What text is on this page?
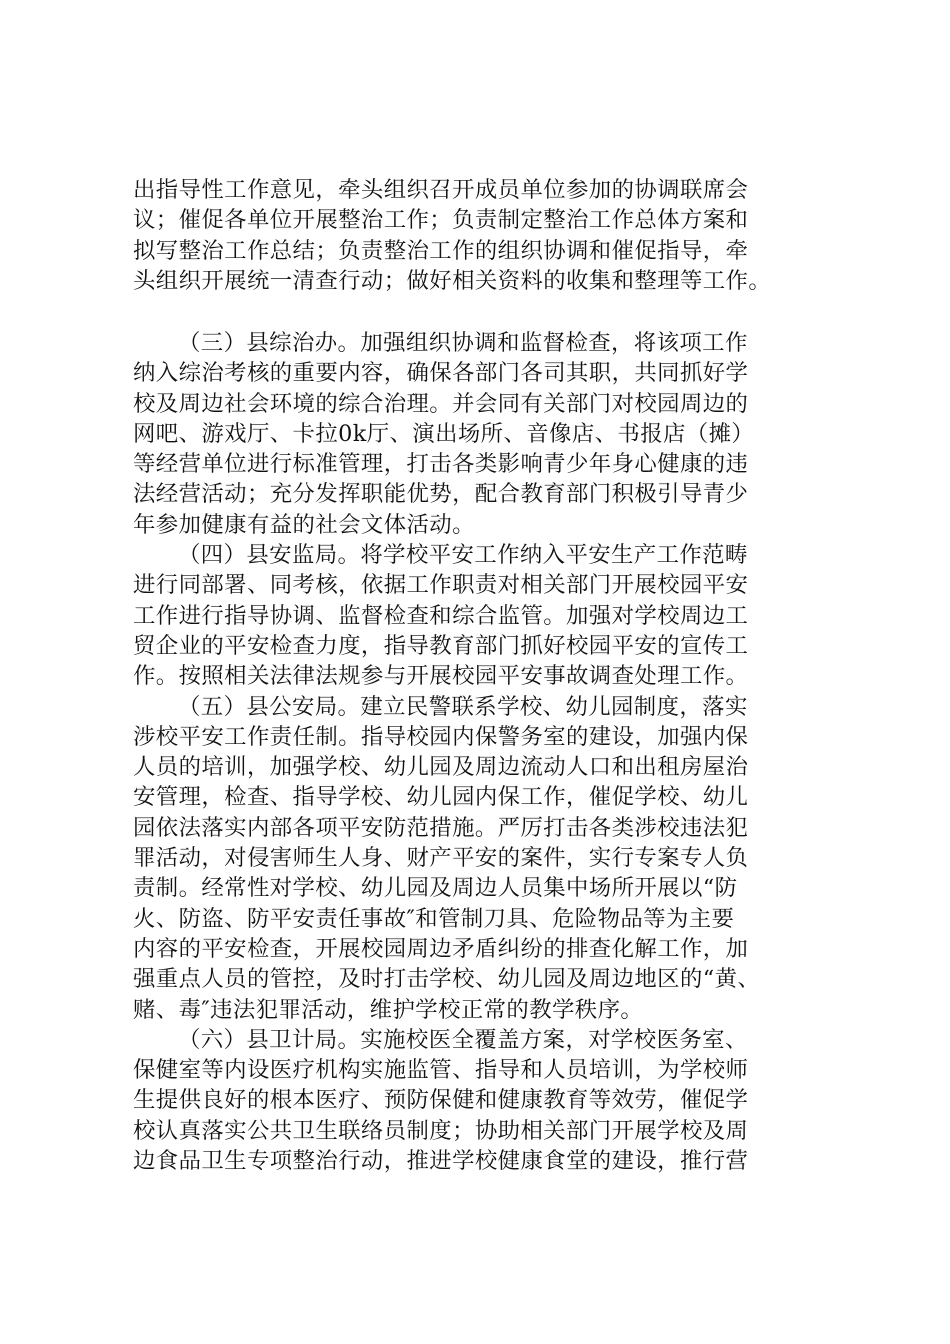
出指导性工作意见，牵头组织召开成员单位参加的协调联席会
议；催促各单位开展整治工作；负责制定整治工作总体方案和
拟写整治工作总结；负责整治工作的组织协调和催促指导，牵
头组织开展统一清查行动；做好相关资料的收集和整理等工作。
（三）县综治办。加强组织协调和监督检查，将该项工作
纳入综治考核的重要内容，确保各部门各司其职，共同抓好学
校及周边社会环境的综合治理。并会同有关部门对校园周边的
网吧、游戏厅、卡拉0k厅、演出场所、音像店、书报店（摊）
等经营单位进行标准管理，打击各类影响青少年身心健康的违
法经营活动；充分发挥职能优势，配合教育部门积极引导青少
年参加健康有益的社会文体活动。
（四）县安监局。将学校平安工作纳入平安生产工作范畴
进行同部署、同考核，依据工作职责对相关部门开展校园平安
工作进行指导协调、监督检查和综合监管。加强对学校周边工
贸企业的平安检查力度，指导教育部门抓好校园平安的宣传工
作。按照相关法律法规参与开展校园平安事故调查处理工作。
（五）县公安局。建立民警联系学校、幼儿园制度，落实
涉校平安工作责任制。指导校园内保警务室的建设，加强内保
人员的培训，加强学校、幼儿园及周边流动人口和出租房屋治
安管理，检查、指导学校、幼儿园内保工作，催促学校、幼儿
园依法落实内部各项平安防范措施。严厉打击各类涉校违法犯
罪活动，对侵害师生人身、财产平安的案件，实行专案专人负
责制。经常性对学校、幼儿园及周边人员集中场所开展以“防
火、防盗、防平安责任事故″和管制刀具、危险物品等为主要
内容的平安检查，开展校园周边矛盾纠纷的排查化解工作，加
强重点人员的管控，及时打击学校、幼儿园及周边地区的“黄、
赌、毒″违法犯罪活动，维护学校正常的教学秩序。
（六）县卫计局。实施校医全覆盖方案，对学校医务室、
保健室等内设医疗机构实施监管、指导和人员培训，为学校师
生提供良好的根本医疗、预防保健和健康教育等效劳，催促学
校认真落实公共卫生联络员制度；协助相关部门开展学校及周
边食品卫生专项整治行动，推进学校健康食堂的建设，推行营
